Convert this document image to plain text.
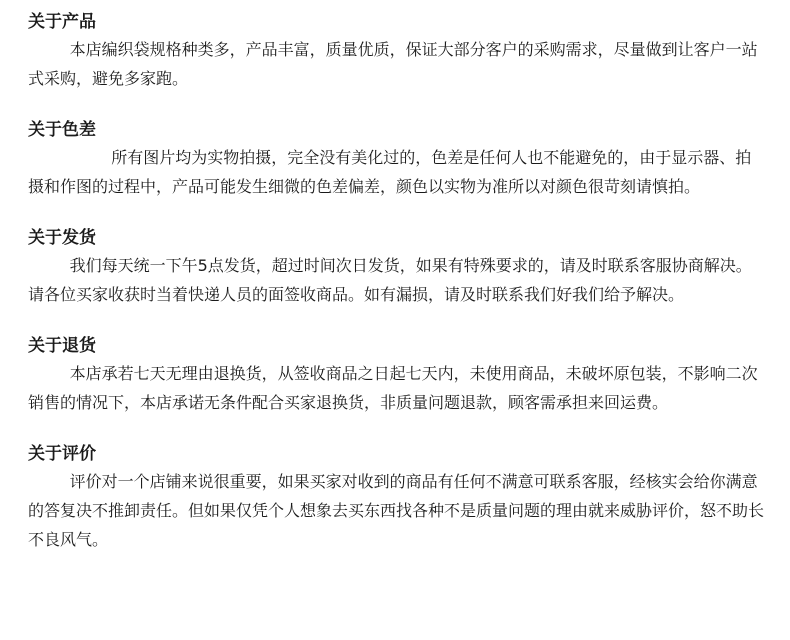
关于产品

本店编织袋规格种类多，产品丰富，质量优质，保证大部分客户的采购需求，尽量做到让客户一站式采购，避免多家跑。

关于色差

所有图片均为实物拍摄，完全没有美化过的，色差是任何人也不能避免的，由于显示器、拍摄和作图的过程中，产品可能发生细微的色差偏差，颜色以实物为准所以对颜色很苛刻请慎拍。

关于发货

我们每天统一下午5点发货，超过时间次日发货，如果有特殊要求的，请及时联系客服协商解决。请各位买家收获时当着快递人员的面签收商品。如有漏损，请及时联系我们好我们给予解决。

关于退货

本店承若七天无理由退换货，从签收商品之日起七天内，未使用商品，未破坏原包装，不影响二次销售的情况下，本店承诺无条件配合买家退换货，非质量问题退款，顾客需承担来回运费。

关于评价

评价对一个店铺来说很重要，如果买家对收到的商品有任何不满意可联系客服，经核实会给你满意的答复决不推卸责任。但如果仅凭个人想象去买东西找各种不是质量问题的理由就来威胁评价，怒不助长不良风气。
